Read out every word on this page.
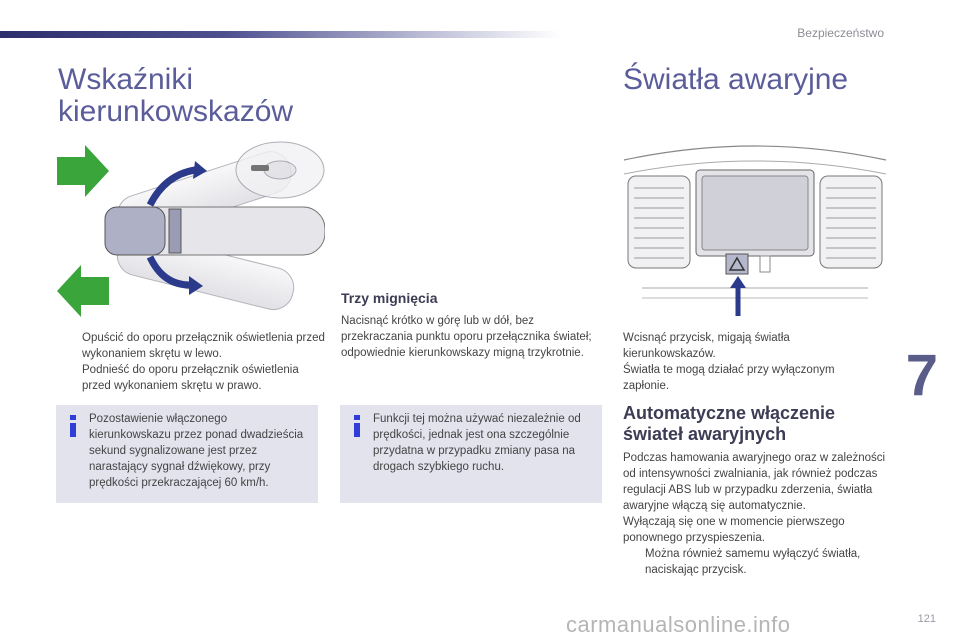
Bezpieczeństwo
Wskaźniki
kierunkowskazów
Opuścić do oporu przełącznik oświetlenia przed wykonaniem skrętu w lewo.
Podnieść do oporu przełącznik oświetlenia przed wykonaniem skrętu w prawo.
Pozostawienie włączonego kierunkowskazu przez ponad dwadzieścia sekund sygnalizowane jest przez narastający sygnał dźwiękowy, przy prędkości przekraczającej 60 km/h.
Trzy mignięcia
Nacisnąć krótko w górę lub w dół, bez przekraczania punktu oporu przełącznika świateł; odpowiednie kierunkowskazy migną trzykrotnie.
Funkcji tej można używać niezależnie od prędkości, jednak jest ona szczególnie przydatna w przypadku zmiany pasa na drogach szybkiego ruchu.
Światła awaryjne
Wcisnąć przycisk, migają światła kierunkowskazów.
Światła te mogą działać przy wyłączonym zapłonie.
Automatyczne włączenie
świateł awaryjnych
Podczas hamowania awaryjnego oraz w zależności od intensywności zwalniania, jak również podczas regulacji ABS lub w przypadku zderzenia, światła awaryjne włączą się automatycznie.
Wyłączają się one w momencie pierwszego ponownego przyspieszenia.
Można również samemu wyłączyć światła, naciskając przycisk.
7
carmanualsonline.info	121
